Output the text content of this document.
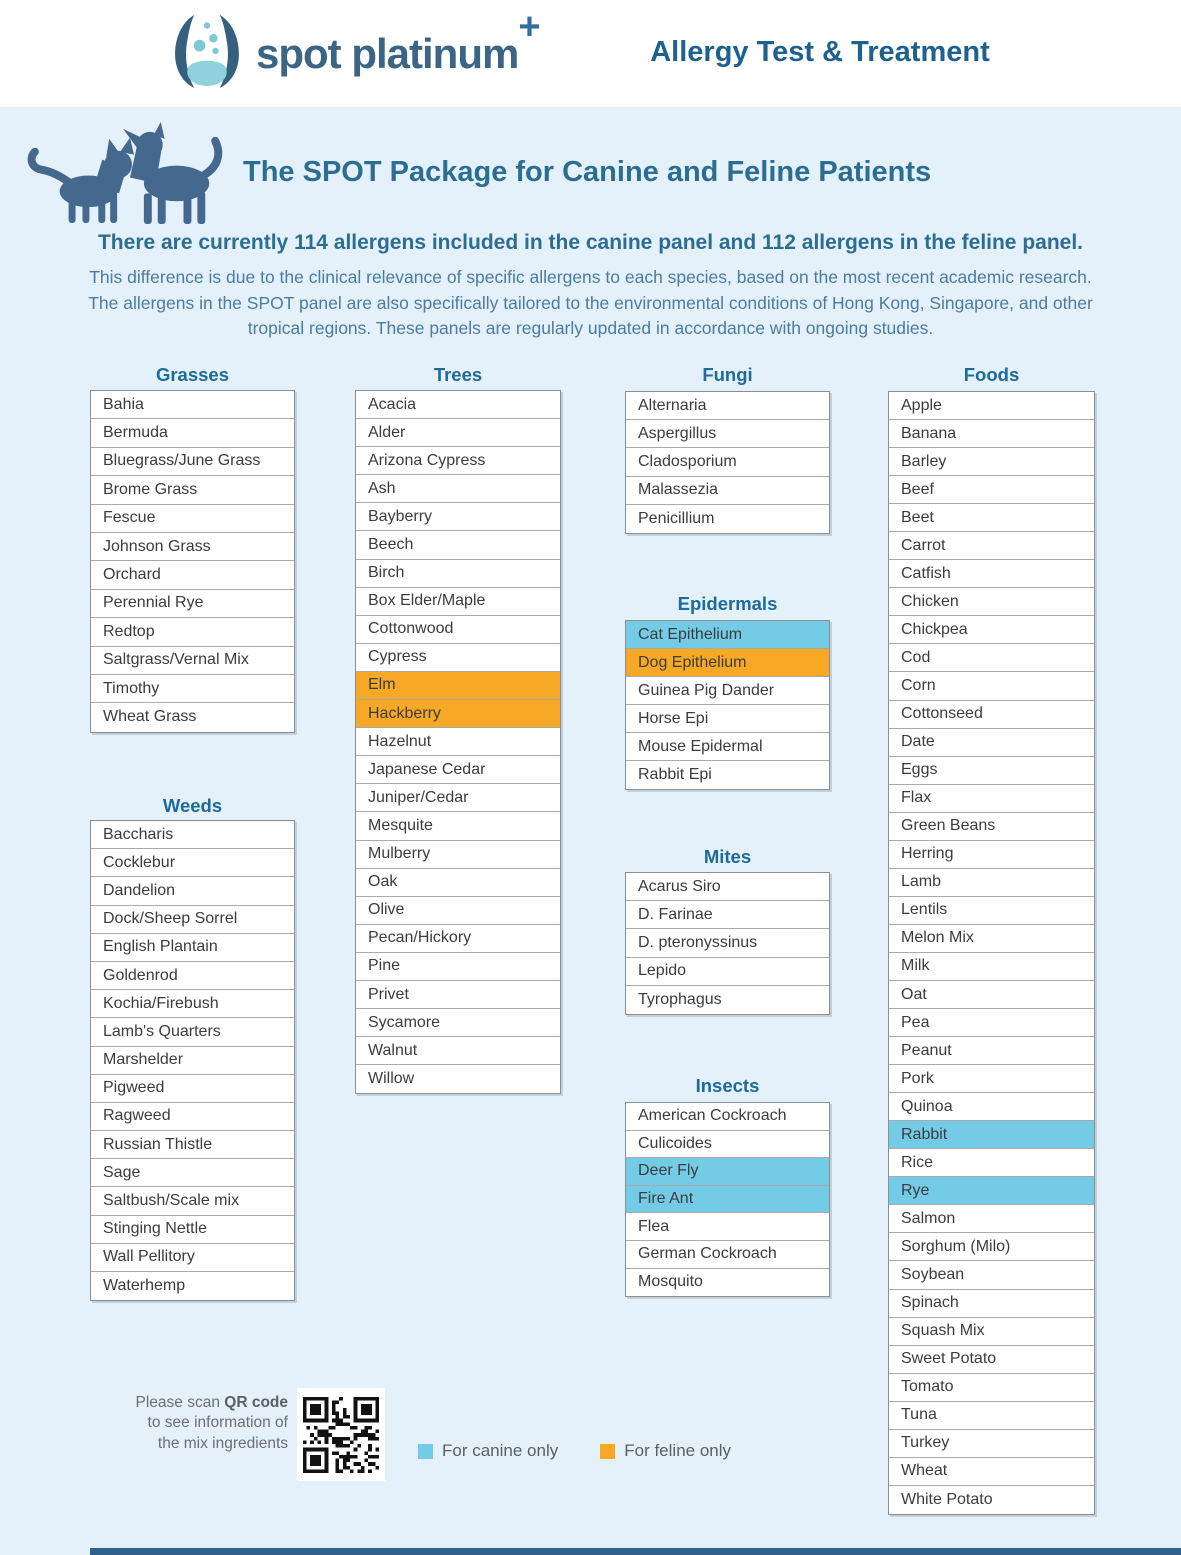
spot platinum+
Allergy Test & Treatment
The SPOT Package for Canine and Feline Patients
There are currently 114 allergens included in the canine panel and 112 allergens in the feline panel.
This difference is due to the clinical relevance of specific allergens to each species, based on the most recent academic research. The allergens in the SPOT panel are also specifically tailored to the environmental conditions of Hong Kong, Singapore, and other tropical regions. These panels are regularly updated in accordance with ongoing studies.
Grasses
Bahia
Bermuda
Bluegrass/June Grass
Brome Grass
Fescue
Johnson Grass
Orchard
Perennial Rye
Redtop
Saltgrass/Vernal Mix
Timothy
Wheat Grass
Weeds
Baccharis
Cocklebur
Dandelion
Dock/Sheep Sorrel
English Plantain
Goldenrod
Kochia/Firebush
Lamb's Quarters
Marshelder
Pigweed
Ragweed
Russian Thistle
Sage
Saltbush/Scale mix
Stinging Nettle
Wall Pellitory
Waterhemp
Trees
Acacia
Alder
Arizona Cypress
Ash
Bayberry
Beech
Birch
Box Elder/Maple
Cottonwood
Cypress
Elm
Hackberry
Hazelnut
Japanese Cedar
Juniper/Cedar
Mesquite
Mulberry
Oak
Olive
Pecan/Hickory
Pine
Privet
Sycamore
Walnut
Willow
Fungi
Alternaria
Aspergillus
Cladosporium
Malassezia
Penicillium
Epidermals
Cat Epithelium
Dog Epithelium
Guinea Pig Dander
Horse Epi
Mouse Epidermal
Rabbit Epi
Mites
Acarus Siro
D. Farinae
D. pteronyssinus
Lepido
Tyrophagus
Insects
American Cockroach
Culicoides
Deer Fly
Fire Ant
Flea
German Cockroach
Mosquito
Foods
Apple
Banana
Barley
Beef
Beet
Carrot
Catfish
Chicken
Chickpea
Cod
Corn
Cottonseed
Date
Eggs
Flax
Green Beans
Herring
Lamb
Lentils
Melon Mix
Milk
Oat
Pea
Peanut
Pork
Quinoa
Rabbit
Rice
Rye
Salmon
Sorghum (Milo)
Soybean
Spinach
Squash Mix
Sweet Potato
Tomato
Tuna
Turkey
Wheat
White Potato
Please scan QR code
to see information of
the mix ingredients	For canine only	For feline only
